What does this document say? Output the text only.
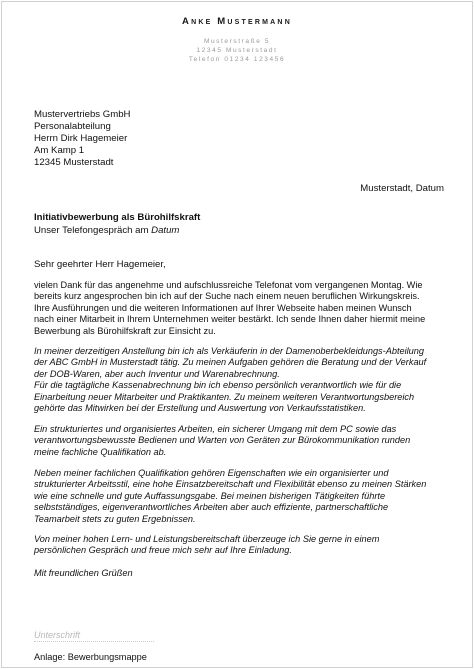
Anke Mustermann
Musterstraße 5
12345 Musterstadt
Telefon 01234 123456
Mustervertriebs GmbH
Personalabteilung
Herrn Dirk Hagemeier
Am Kamp 1
12345 Musterstadt
Musterstadt, Datum
Initiativbewerbung als Bürohilfskraft
Unser Telefongespräch am Datum
Sehr geehrter Herr Hagemeier,
vielen Dank für das angenehme und aufschlussreiche Telefonat vom vergangenen Montag. Wie
bereits kurz angesprochen bin ich auf der Suche nach einem neuen beruflichen Wirkungskreis.
Ihre Ausführungen und die weiteren Informationen auf Ihrer Webseite haben meinen Wunsch
nach einer Mitarbeit in Ihrem Unternehmen weiter bestärkt. Ich sende Ihnen daher hiermit meine
Bewerbung als Bürohilfskraft zur Einsicht zu.
In meiner derzeitigen Anstellung bin ich als Verkäuferin in der Damenoberbekleidungs-Abteilung
der ABC GmbH in Musterstadt tätig. Zu meinen Aufgaben gehören die Beratung und der Verkauf
der DOB-Waren, aber auch Inventur und Warenabrechnung.
Für die tagtägliche Kassenabrechnung bin ich ebenso persönlich verantwortlich wie für die
Einarbeitung neuer Mitarbeiter und Praktikanten. Zu meinem weiteren Verantwortungsbereich
gehörte das Mitwirken bei der Erstellung und Auswertung von Verkaufsstatistiken.
Ein strukturiertes und organisiertes Arbeiten, ein sicherer Umgang mit dem PC sowie das
verantwortungsbewusste Bedienen und Warten von Geräten zur Bürokommunikation runden
meine fachliche Qualifikation ab.
Neben meiner fachlichen Qualifikation gehören Eigenschaften wie ein organisierter und
strukturierter Arbeitsstil, eine hohe Einsatzbereitschaft und Flexibilität ebenso zu meinen Stärken
wie eine schnelle und gute Auffassungsgabe. Bei meinen bisherigen Tätigkeiten führte
selbstständiges, eigenverantwortliches Arbeiten aber auch effiziente, partnerschaftliche
Teamarbeit stets zu guten Ergebnissen.
Von meiner hohen Lern- und Leistungsbereitschaft überzeuge ich Sie gerne in einem
persönlichen Gespräch und freue mich sehr auf Ihre Einladung.
Mit freundlichen Grüßen
Unterschrift
Anlage: Bewerbungsmappe
